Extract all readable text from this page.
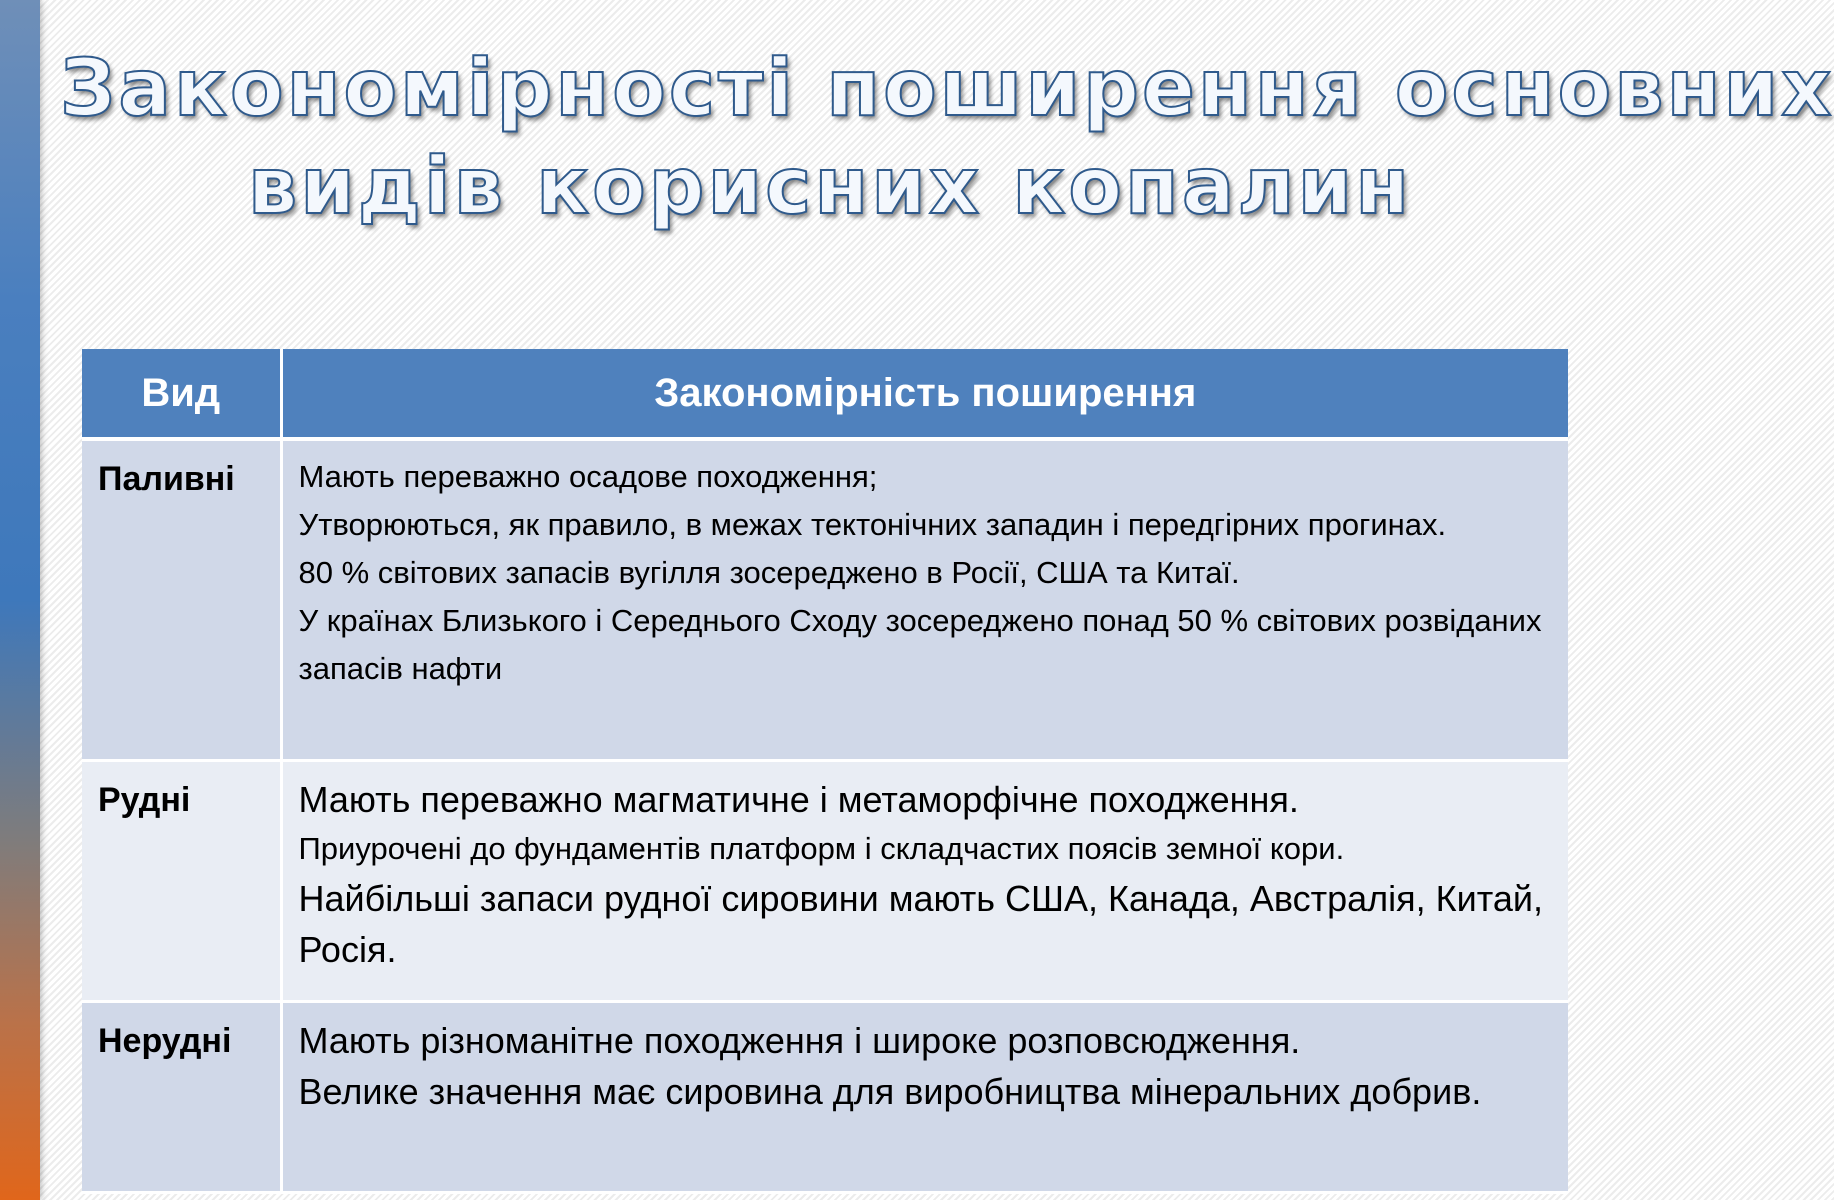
Закономірності поширення основних
видів корисних копалин
Вид	Закономірність поширення
Паливні	Мають переважно осадове походження;

Утворюються, як правило, в межах тектонічних западин і передгірних прогинах.

80 % світових запасів вугілля зосереджено в Росії, США та Китаї.

У країнах Близького і Середнього Сходу зосереджено понад 50 % світових розвіданих запасів нафти

Рудні	Мають переважно магматичне і метаморфічне походження.

Приурочені до фундаментів платформ і складчастих поясів земної кори.

Найбільші запаси рудної сировини мають США, Канада, Австралія, Китай, Росія.

Нерудні	Мають різноманітне походження і широке розповсюдження.

Велике значення має сировина для виробництва мінеральних добрив.
